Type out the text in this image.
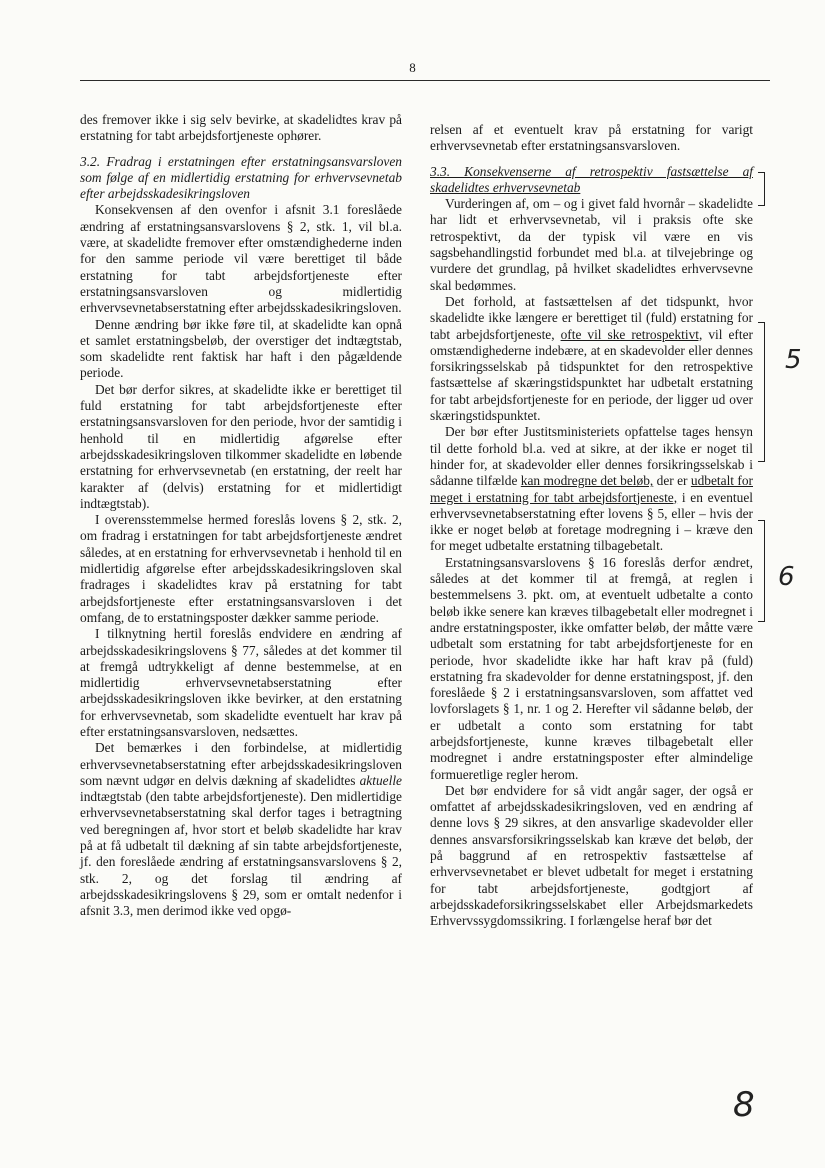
8

des fremover ikke i sig selv bevirke, at skadelidtes krav på erstatning for tabt arbejdsfortjeneste ophører.

3.2. Fradrag i erstatningen efter erstatningsansvarsloven som følge af en midlertidig erstatning for erhvervsevnetab efter arbejdsskadesikringsloven

Konsekvensen af den ovenfor i afsnit 3.1 foreslåede ændring af erstatningsansvarslovens § 2, stk. 1, vil bl.a. være, at skadelidte fremover efter omstændighederne inden for den samme periode vil være berettiget til både erstatning for tabt arbejdsfortjeneste efter erstatningsansvarsloven og midlertidig erhvervsevnetabserstatning efter arbejdsskadesikringsloven.

Denne ændring bør ikke føre til, at skadelidte kan opnå et samlet erstatningsbeløb, der overstiger det indtægtstab, som skadelidte rent faktisk har haft i den pågældende periode.

Det bør derfor sikres, at skadelidte ikke er berettiget til fuld erstatning for tabt arbejdsfortjeneste efter erstatningsansvarsloven for den periode, hvor der samtidig i henhold til en midlertidig afgørelse efter arbejdsskadesikringsloven tilkommer skadelidte en løbende erstatning for erhvervsevnetab (en erstatning, der reelt har karakter af (delvis) erstatning for et midlertidigt indtægtstab).

I overensstemmelse hermed foreslås lovens § 2, stk. 2, om fradrag i erstatningen for tabt arbejdsfortjeneste ændret således, at en erstatning for erhvervsevnetab i henhold til en midlertidig afgørelse efter arbejdsskadesikringsloven skal fradrages i skadelidtes krav på erstatning for tabt arbejdsfortjeneste efter erstatningsansvarsloven i det omfang, de to erstatningsposter dækker samme periode.

I tilknytning hertil foreslås endvidere en ændring af arbejdsskadesikringslovens § 77, således at det kommer til at fremgå udtrykkeligt af denne bestemmelse, at en midlertidig erhvervsevnetabserstatning efter arbejdsskadesikringsloven ikke bevirker, at den erstatning for erhvervsevnetab, som skadelidte eventuelt har krav på efter erstatningsansvarsloven, nedsættes.

Det bemærkes i den forbindelse, at midlertidig erhvervsevnetabserstatning efter arbejdsskadesikringsloven som nævnt udgør en delvis dækning af skadelidtes aktuelle indtægtstab (den tabte arbejdsfortjeneste). Den midlertidige erhvervsevnetabserstatning skal derfor tages i betragtning ved beregningen af, hvor stort et beløb skadelidte har krav på at få udbetalt til dækning af sin tabte arbejdsfortjeneste, jf. den foreslåede ændring af erstatningsansvarslovens § 2, stk. 2, og det forslag til ændring af arbejdsskadesikringslovens § 29, som er omtalt nedenfor i afsnit 3.3, men derimod ikke ved opgø-

relsen af et eventuelt krav på erstatning for varigt erhvervsevnetab efter erstatningsansvarsloven.

3.3. Konsekvenserne af retrospektiv fastsættelse af skadelidtes erhvervsevnetab

Vurderingen af, om – og i givet fald hvornår – skadelidte har lidt et erhvervsevnetab, vil i praksis ofte ske retrospektivt, da der typisk vil være en vis sagsbehandlingstid forbundet med bl.a. at tilvejebringe og vurdere det grundlag, på hvilket skadelidtes erhvervsevne skal bedømmes.

Det forhold, at fastsættelsen af det tidspunkt, hvor skadelidte ikke længere er berettiget til (fuld) erstatning for tabt arbejdsfortjeneste, ofte vil ske retrospektivt, vil efter omstændighederne indebære, at en skadevolder eller dennes forsikringsselskab på tidspunktet for den retrospektive fastsættelse af skæringstidspunktet har udbetalt erstatning for tabt arbejdsfortjeneste for en periode, der ligger ud over skæringstidspunktet.

Der bør efter Justitsministeriets opfattelse tages hensyn til dette forhold bl.a. ved at sikre, at der ikke er noget til hinder for, at skadevolder eller dennes forsikringsselskab i sådanne tilfælde kan modregne det beløb, der er udbetalt for meget i erstatning for tabt arbejdsfortjeneste, i en eventuel erhvervsevnetabserstatning efter lovens § 5, eller – hvis der ikke er noget beløb at foretage modregning i – kræve den for meget udbetalte erstatning tilbagebetalt.

Erstatningsansvarslovens § 16 foreslås derfor ændret, således at det kommer til at fremgå, at reglen i bestemmelsens 3. pkt. om, at eventuelt udbetalte a conto beløb ikke senere kan kræves tilbagebetalt eller modregnet i andre erstatningsposter, ikke omfatter beløb, der måtte være udbetalt som erstatning for tabt arbejdsfortjeneste for en periode, hvor skadelidte ikke har haft krav på (fuld) erstatning fra skadevolder for denne erstatningspost, jf. den foreslåede § 2 i erstatningsansvarsloven, som affattet ved lovforslagets § 1, nr. 1 og 2. Herefter vil sådanne beløb, der er udbetalt a conto som erstatning for tabt arbejdsfortjeneste, kunne kræves tilbagebetalt eller modregnet i andre erstatningsposter efter almindelige formueretlige regler herom.

Det bør endvidere for så vidt angår sager, der også er omfattet af arbejdsskadesikringsloven, ved en ændring af denne lovs § 29 sikres, at den ansvarlige skadevolder eller dennes ansvarsforsikringsselskab kan kræve det beløb, der på baggrund af en retrospektiv fastsættelse af erhvervsevnetabet er blevet udbetalt for meget i erstatning for tabt arbejdsfortjeneste, godtgjort af arbejdsskadeforsikringsselskabet eller Arbejdsmarkedets Erhvervssygdomssikring. I forlængelse heraf bør det

5
6
8
